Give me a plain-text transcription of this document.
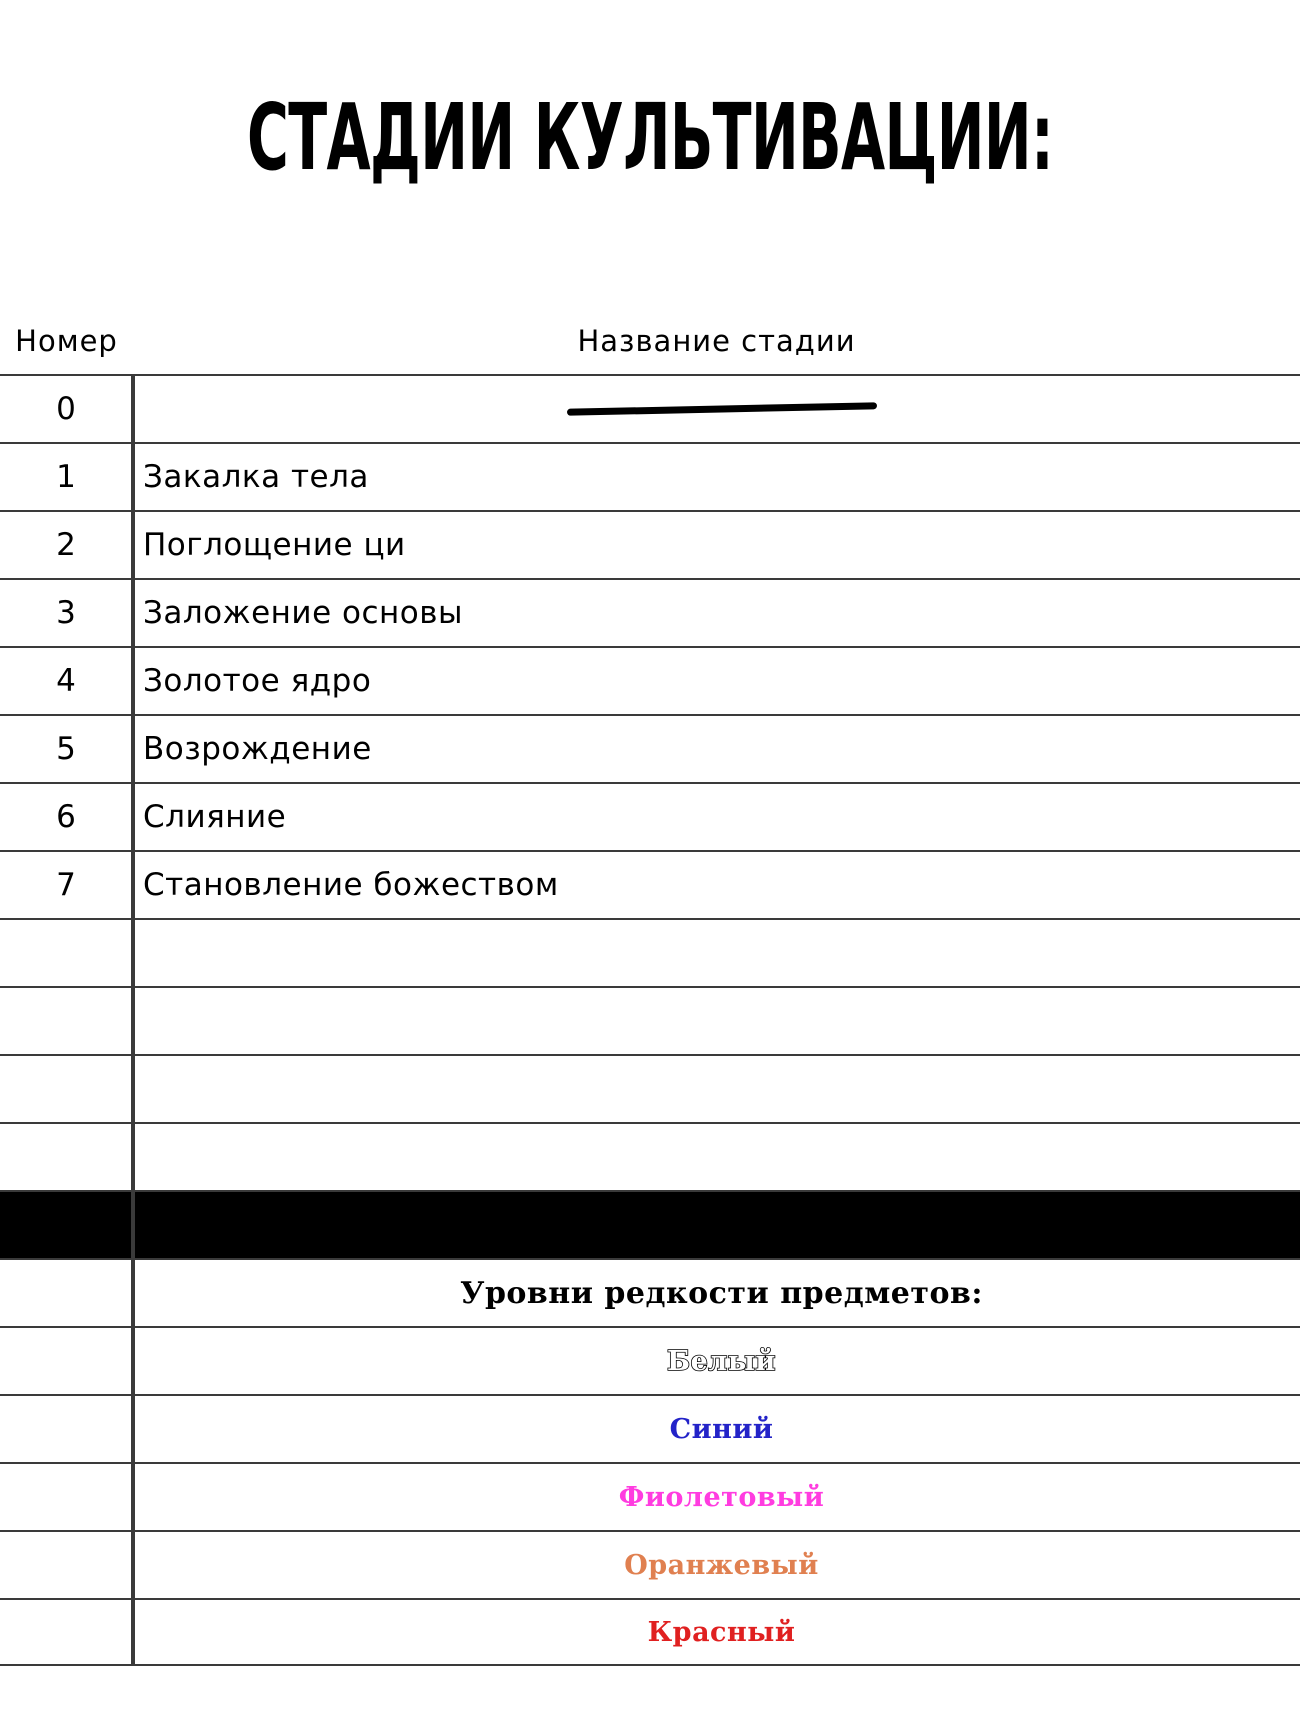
СТАДИИ КУЛЬТИВАЦИИ:
Номер	Название стадии
0
1	Закалка тела
2	Поглощение ци
3	Заложение основы
4	Золотое ядро
5	Возрождение
6	Слияние
7	Становление божеством
Уровни редкости предметов:
Белый
Синий
Фиолетовый
Оранжевый
Красный
